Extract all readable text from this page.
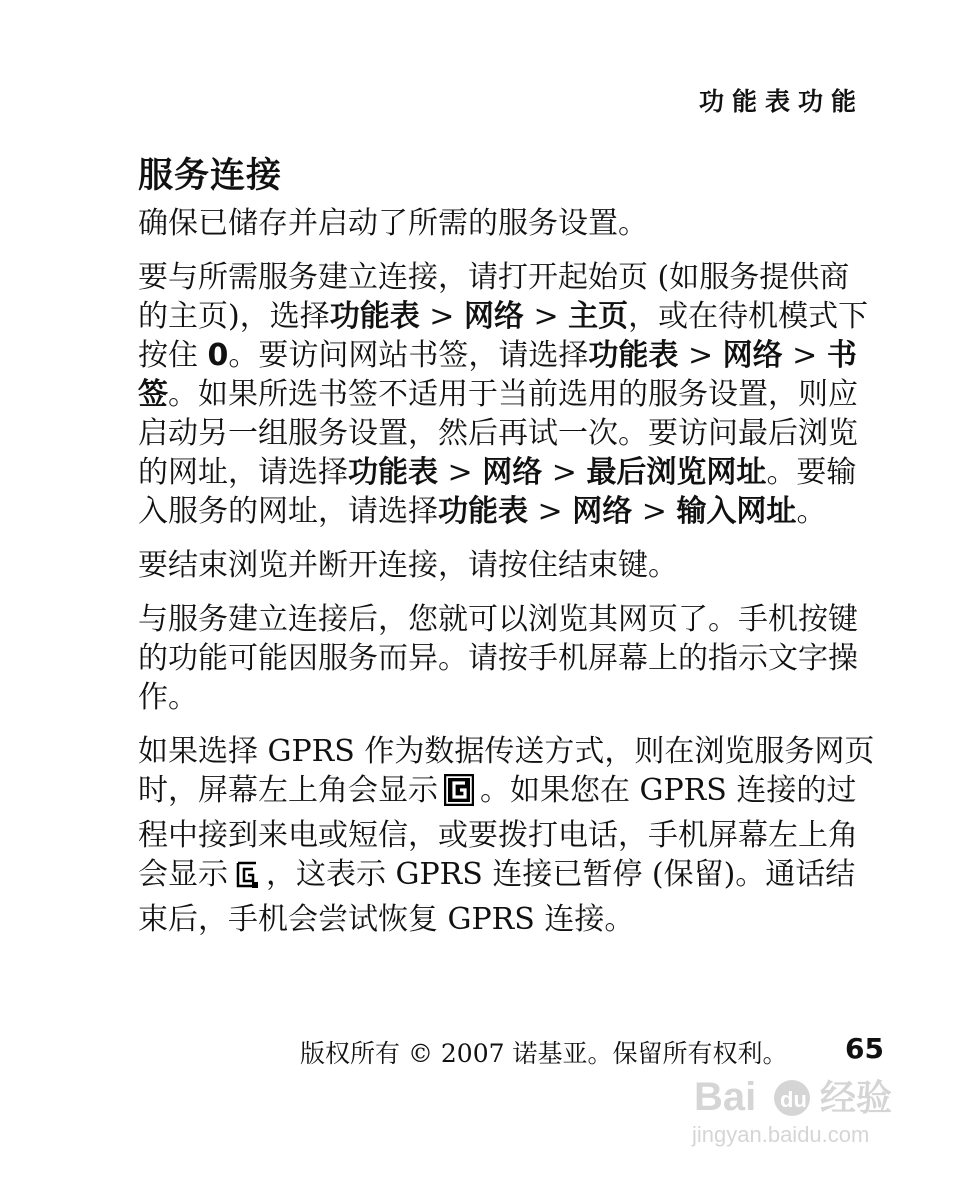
功能表功能
服务连接

确保已储存并启动了所需的服务设置。

要与所需服务建立连接，请打开起始页 (如服务提供商的主页)，选择功能表 > 网络 > 主页，或在待机模式下按住 0。要访问网站书签，请选择功能表 > 网络 > 书签。如果所选书签不适用于当前选用的服务设置，则应启动另一组服务设置，然后再试一次。要访问最后浏览的网址，请选择功能表 > 网络 > 最后浏览网址。要输入服务的网址，请选择功能表 > 网络 > 输入网址。

要结束浏览并断开连接，请按住结束键。

与服务建立连接后，您就可以浏览其网页了。手机按键的功能可能因服务而异。请按手机屏幕上的指示文字操作。

如果选择 GPRS 作为数据传送方式，则在浏览服务网页时，屏幕左上角会显示 。如果您在 GPRS 连接的过程中接到来电或短信，或要拨打电话，手机屏幕左上角会显示 ，这表示 GPRS 连接已暂停 (保留)。通话结束后，手机会尝试恢复 GPRS 连接。

版权所有 © 2007 诺基亚。保留所有权利。 65
Bai du 经验
jingyan.baidu.com
